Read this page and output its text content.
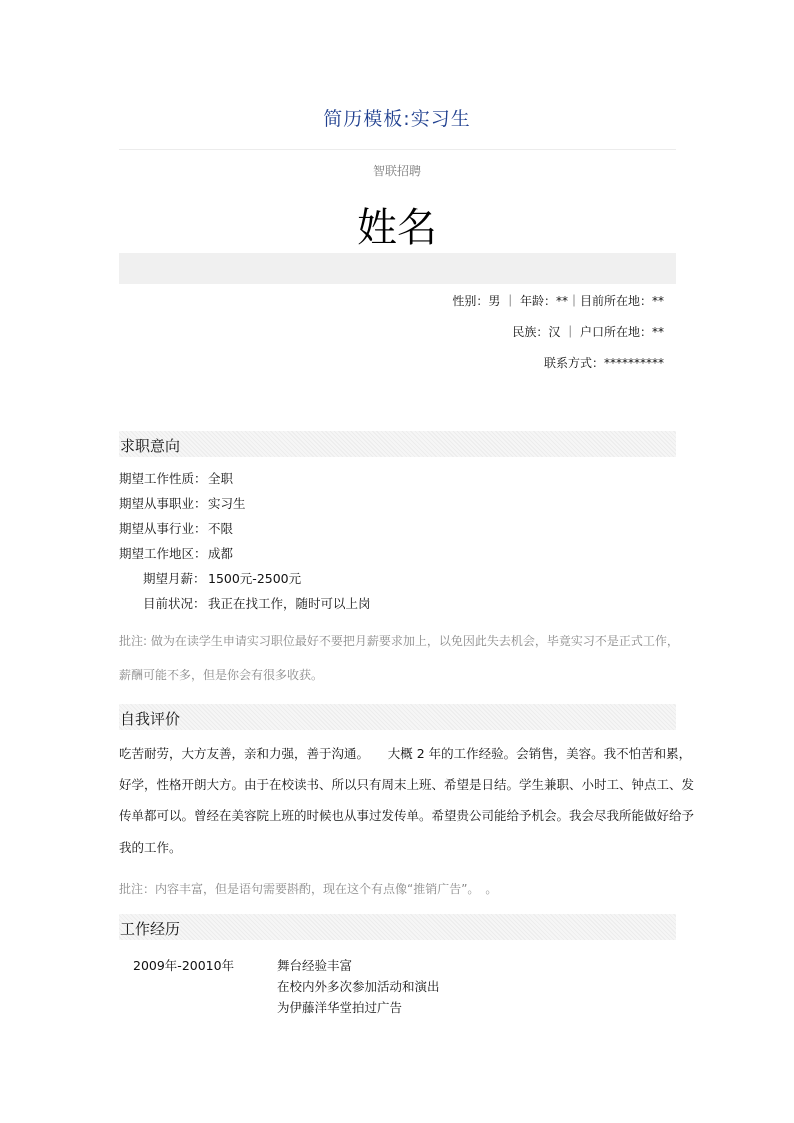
简历模板:实习生
智联招聘
姓名
性别：男 ｜ 年龄：**｜目前所在地：**
民族：汉 ｜ 户口所在地：**
联系方式：**********
求职意向
期望工作性质： 全职
期望从事职业： 实习生
期望从事行业： 不限
期望工作地区： 成都
期望月薪： 1500元-2500元
目前状况： 我正在找工作，随时可以上岗
批注: 做为在读学生申请实习职位最好不要把月薪要求加上，以免因此失去机会，毕竟实习不是正式工作，
薪酬可能不多，但是你会有很多收获。
自我评价
吃苦耐劳，大方友善，亲和力强，善于沟通。　　大概 2 年的工作经验。会销售，美容。我不怕苦和累，
好学，性格开朗大方。由于在校读书、所以只有周末上班、希望是日结。学生兼职、小时工、钟点工、发
传单都可以。曾经在美容院上班的时候也从事过发传单。希望贵公司能给予机会。我会尽我所能做好给予
我的工作。
批注：内容丰富，但是语句需要斟酌，现在这个有点像“推销广告”。　。
工作经历
2009年-20010年	舞台经验丰富
在校内外多次参加活动和演出
为伊藤洋华堂拍过广告
